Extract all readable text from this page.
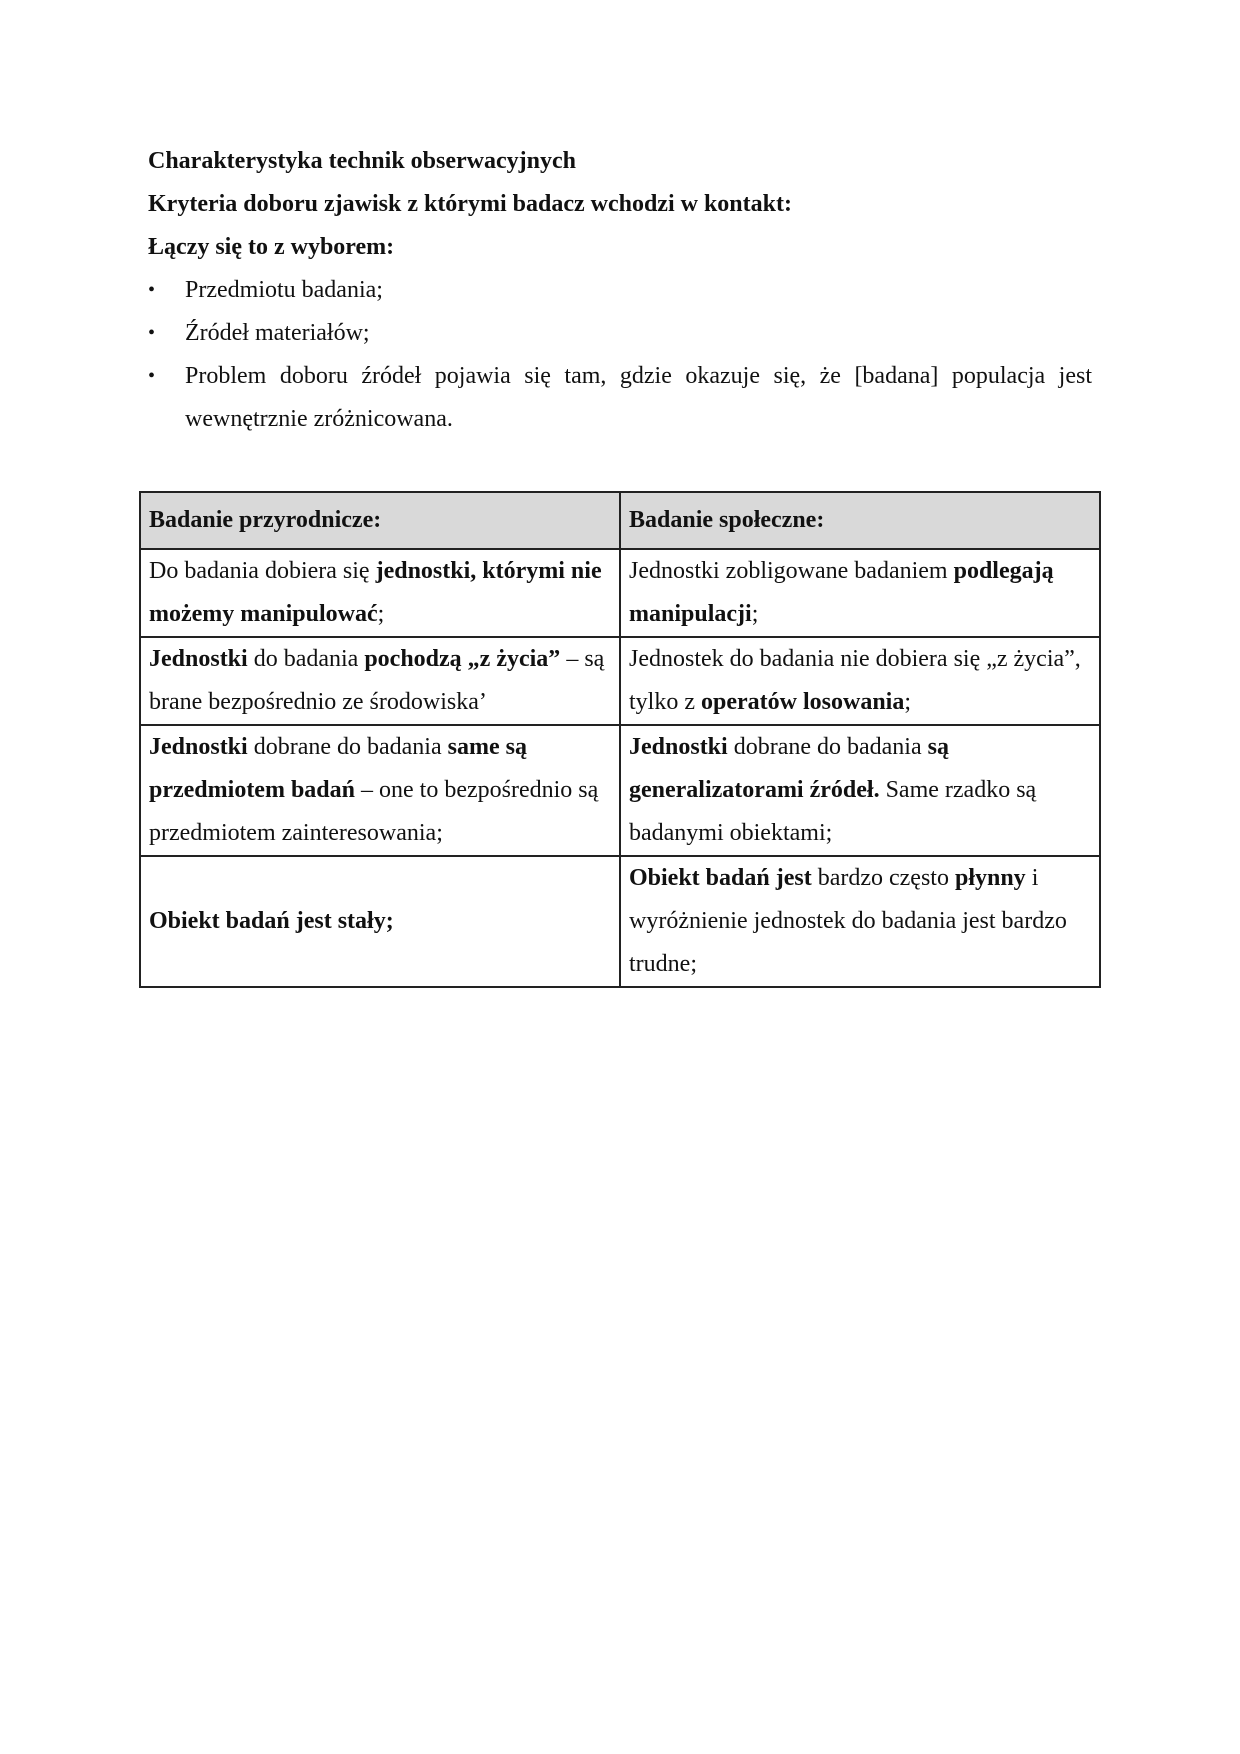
Charakterystyka technik obserwacyjnych

Kryteria doboru zjawisk z którymi badacz wchodzi w kontakt:

Łączy się to z wyborem:

• Przedmiotu badania;
• Źródeł materiałów;
• Problem doboru źródeł pojawia się tam, gdzie okazuje się, że [badana] populacja jest wewnętrznie zróżnicowana.
Badanie przyrodnicze:	Badanie społeczne:
Do badania dobiera się jednostki, którymi nie możemy manipulować;	Jednostki zobligowane badaniem podlegają manipulacji;
Jednostki do badania pochodzą „z życia” – są brane bezpośrednio ze środowiska’	Jednostek do badania nie dobiera się „z życia”, tylko z operatów losowania;
Jednostki dobrane do badania same są przedmiotem badań – one to bezpośrednio są przedmiotem zainteresowania;	Jednostki dobrane do badania są generalizatorami źródeł. Same rzadko są badanymi obiektami;
Obiekt badań jest stały;	Obiekt badań jest bardzo często płynny i wyróżnienie jednostek do badania jest bardzo trudne;
